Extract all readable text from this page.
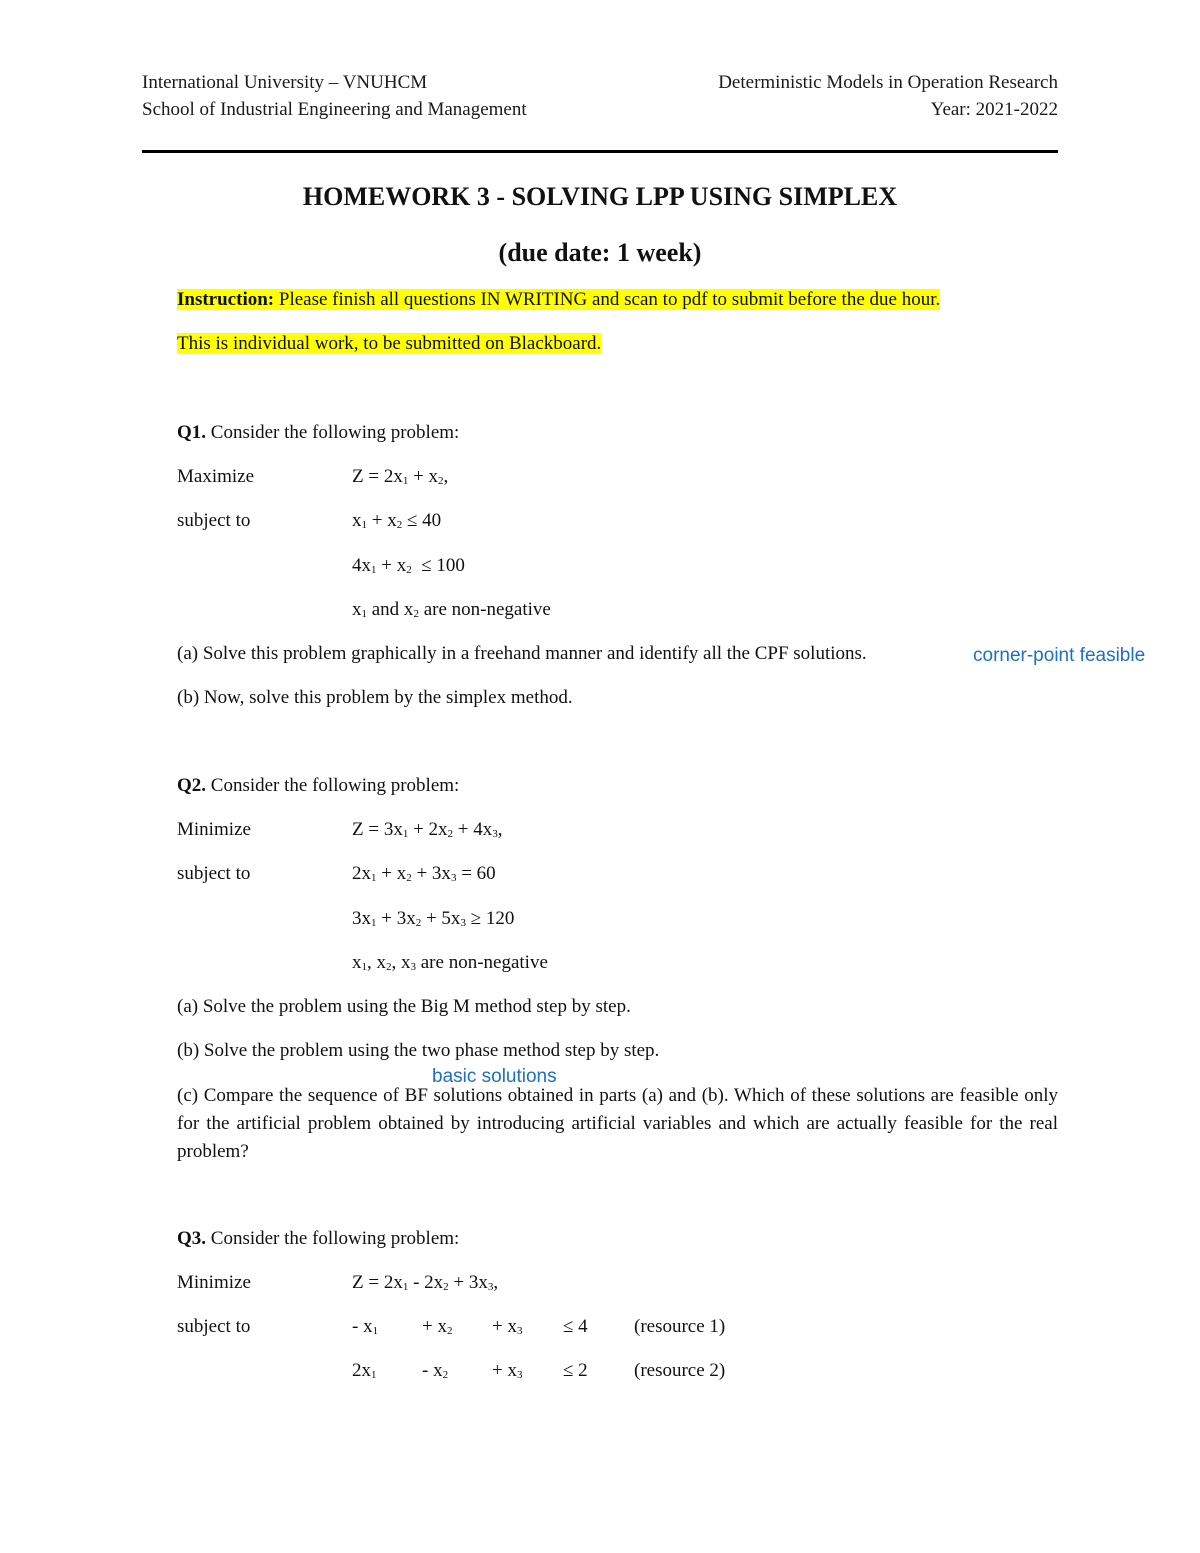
International University – VNUHCM
School of Industrial Engineering and Management
Deterministic Models in Operation Research
Year: 2021-2022
HOMEWORK 3 - SOLVING LPP USING SIMPLEX
(due date: 1 week)
Instruction: Please finish all questions IN WRITING and scan to pdf to submit before the due hour.
This is individual work, to be submitted on Blackboard.
Q1. Consider the following problem:
Maximize	$Z = 2x_1 + x_2$,
subject to	$x_1 + x_2 \le 40$
$4x_1 + x_2 \le 100$
$x_1$ and $x_2$ are non-negative
(a) Solve this problem graphically in a freehand manner and identify all the CPF solutions.	corner-point feasible
(b) Now, solve this problem by the simplex method.
Q2. Consider the following problem:
Minimize	$Z = 3x_1 + 2x_2 + 4x_3$,
subject to	$2x_1 + x_2 + 3x_3 = 60$
$3x_1 + 3x_2 + 5x_3 \ge 120$
$x_1$, $x_2$, $x_3$ are non-negative
(a) Solve the problem using the Big M method step by step.
(b) Solve the problem using the two phase method step by step.
basic solutions
(c) Compare the sequence of BF solutions obtained in parts (a) and (b). Which of these solutions are feasible only for the artificial problem obtained by introducing artificial variables and which are actually feasible for the real problem?
Q3. Consider the following problem:
Minimize	$Z = 2x_1 - 2x_2 + 3x_3$,
subject to	- $x_1 + x_2 + x_3 \le 4$ (resource 1)
$2x_1 - x_2 + x_3 \le 2$ (resource 2)
